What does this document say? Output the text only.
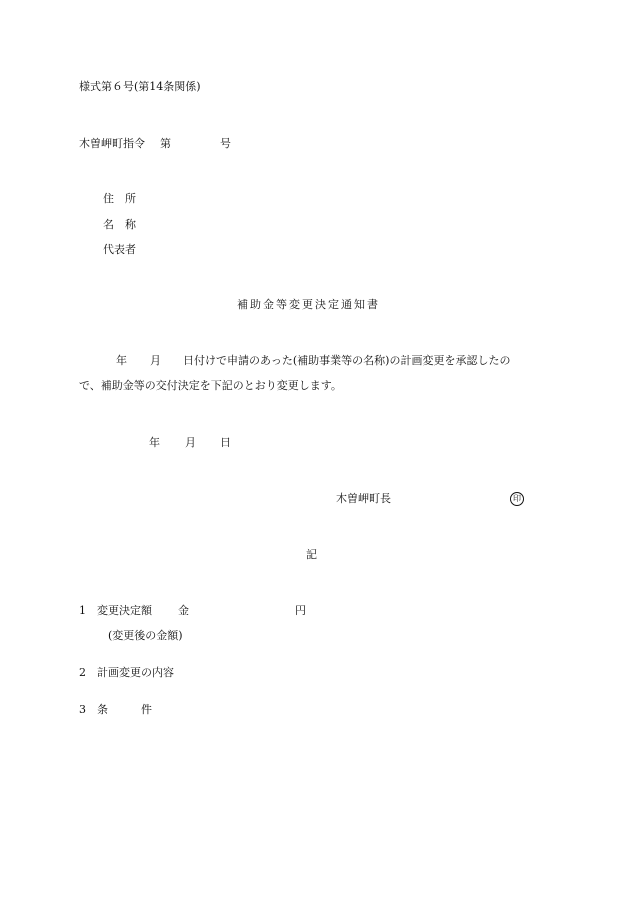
様式第６号(第14条関係)
木曽岬町指令 第	号
住　所
名　称
代表者
補助金等変更決定通知書
年 月 日付けで申請のあった(補助事業等の名称)の計画変更を承認したの
で、補助金等の交付決定を下記のとおり変更します。
年 月 日
木曽岬町長	印
記
1 変更決定額 金	円
(変更後の金額)
2 計画変更の内容
3 条　　　件
